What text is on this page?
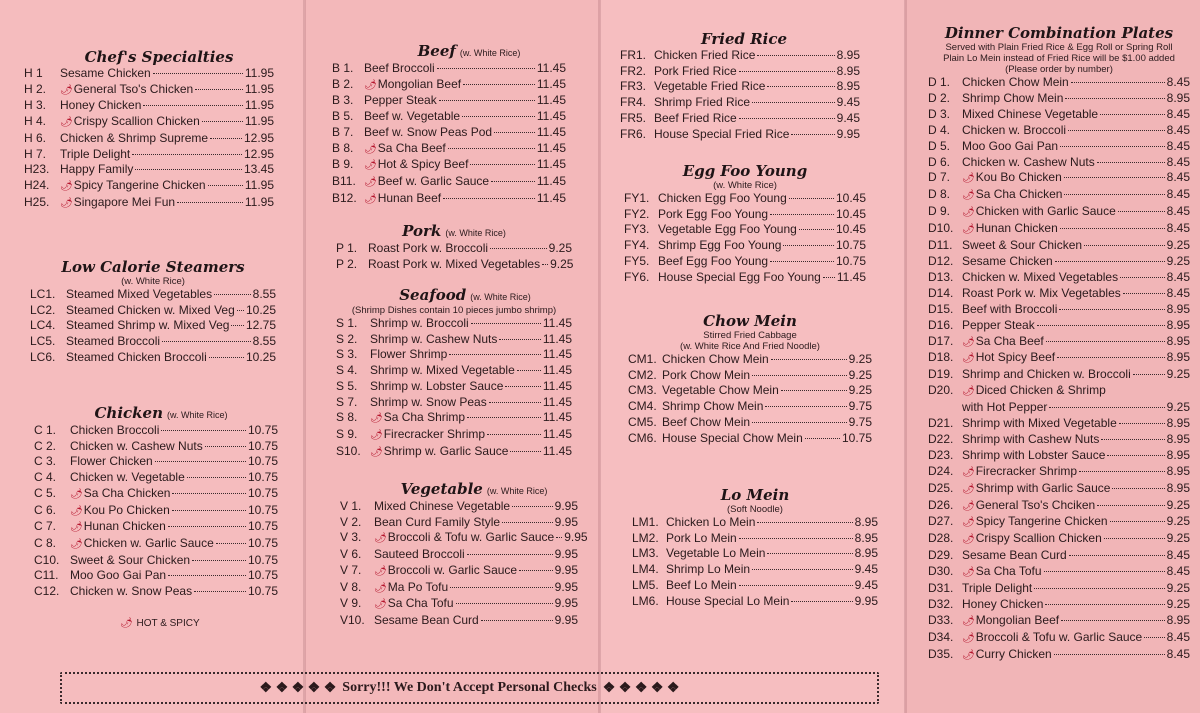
Chef's Specialties
H 1	Sesame Chicken	11.95
H 2.	🌶 General Tso's Chicken	11.95
H 3.	Honey Chicken	11.95
H 4.	🌶 Crispy Scallion Chicken	11.95
H 6.	Chicken & Shrimp Supreme	12.95
H 7.	Triple Delight	12.95
H23. Happy Family	13.45
H24.	🌶 Spicy Tangerine Chicken	11.95
H25.	🌶 Singapore Mei Fun	11.95
Low Calorie Steamers
(w. White Rice)
LC1. Steamed Mixed Vegetables	8.55
LC2. Steamed Chicken w. Mixed Veg 10.25
LC4. Steamed Shrimp w. Mixed Veg 12.75
LC5. Steamed Broccoli	8.55
LC6. Steamed Chicken Broccoli	10.25
Chicken (w. White Rice)
C 1.	Chicken Broccoli	10.75
C 2.	Chicken w. Cashew Nuts	10.75
C 3.	Flower Chicken	10.75
C 4.	Chicken w. Vegetable	10.75
C 5.	🌶 Sa Cha Chicken	10.75
C 6.	🌶 Kou Po Chicken	10.75
C 7.	🌶 Hunan Chicken	10.75
C 8.	🌶 Chicken w. Garlic Sauce	10.75
C10. Sweet & Sour Chicken	10.75
C11. Moo Goo Gai Pan	10.75
C12. Chicken w. Snow Peas	10.75
🌶 HOT & SPICY
Beef (w. White Rice)
B 1. Beef Broccoli	11.45
B 2.	🌶 Mongolian Beef	11.45
B 3. Pepper Steak	11.45
B 5. Beef w. Vegetable	11.45
B 7. Beef w. Snow Peas Pod	11.45
B 8.	🌶 Sa Cha Beef	11.45
B 9.	🌶 Hot & Spicy Beef	11.45
B11. 🌶 Beef w. Garlic Sauce	11.45
B12. 🌶 Hunan Beef	11.45
Pork (w. White Rice)
P 1. Roast Pork w. Broccoli	9.25
P 2. Roast Pork w. Mixed Vegetables 9.25
Seafood (w. White Rice)
(Shrimp Dishes contain 10 pieces jumbo shrimp)
S 1.	Shrimp w. Broccoli	11.45
S 2.	Shrimp w. Cashew Nuts	11.45
S 3.	Flower Shrimp	11.45
S 4.	Shrimp w. Mixed Vegetable 11.45
S 5.	Shrimp w. Lobster Sauce	11.45
S 7.	Shrimp w. Snow Peas	11.45
S 8.	🌶 Sa Cha Shrimp	11.45
S 9.	🌶 Firecracker Shrimp	11.45
S10. 🌶 Shrimp w. Garlic Sauce	11.45
Vegetable (w. White Rice)
V 1.	Mixed Chinese Vegetable	9.95
V 2.	Bean Curd Family Style	9.95
V 3.	🌶 Broccoli & Tofu w. Garlic Sauce 9.95
V 6.	Sauteed Broccoli	9.95
V 7.	🌶 Broccoli w. Garlic Sauce	9.95
V 8.	🌶 Ma Po Tofu	9.95
V 9.	🌶 Sa Cha Tofu	9.95
V10. Sesame Bean Curd	9.95
Fried Rice
FR1. Chicken Fried Rice	8.95
FR2. Pork Fried Rice	8.95
FR3. Vegetable Fried Rice	8.95
FR4. Shrimp Fried Rice	9.45
FR5. Beef Fried Rice	9.45
FR6. House Special Fried Rice	9.95
Egg Foo Young
(w. White Rice)
FY1. Chicken Egg Foo Young	10.45
FY2. Pork Egg Foo Young	10.45
FY3. Vegetable Egg Foo Young	10.45
FY4. Shrimp Egg Foo Young	10.75
FY5. Beef Egg Foo Young	10.75
FY6. House Special Egg Foo Young 11.45
Chow Mein
Stirred Fried Cabbage
(w. White Rice And Fried Noodle)
CM1. Chicken Chow Mein	9.25
CM2. Pork Chow Mein	9.25
CM3. Vegetable Chow Mein	9.25
CM4. Shrimp Chow Mein	9.75
CM5. Beef Chow Mein	9.75
CM6. House Special Chow Mein	10.75
Lo Mein
(Soft Noodle)
LM1. Chicken Lo Mein	8.95
LM2. Pork Lo Mein	8.95
LM3. Vegetable Lo Mein	8.95
LM4. Shrimp Lo Mein	9.45
LM5. Beef Lo Mein	9.45
LM6. House Special Lo Mein	9.95
Dinner Combination Plates
Served with Plain Fried Rice & Egg Roll or Spring Roll
Plain Lo Mein instead of Fried Rice will be $1.00 added
(Please order by number)
D 1. Chicken Chow Mein	8.45
D 2. Shrimp Chow Mein	8.95
D 3. Mixed Chinese Vegetable	8.45
D 4. Chicken w. Broccoli	8.45
D 5. Moo Goo Gai Pan	8.45
D 6. Chicken w. Cashew Nuts	8.45
D 7.	🌶 Kou Bo Chicken	8.45
D 8.	🌶 Sa Cha Chicken	8.45
D 9.	🌶 Chicken with Garlic Sauce	8.45
D10. 🌶 Hunan Chicken	8.45
D11. Sweet & Sour Chicken	9.25
D12. Sesame Chicken	9.25
D13. Chicken w. Mixed Vegetables	8.45
D14. Roast Pork w. Mix Vegetables	8.45
D15. Beef with Broccoli	8.95
D16. Pepper Steak	8.95
D17. 🌶 Sa Cha Beef	8.95
D18. 🌶 Hot Spicy Beef	8.95
D19. Shrimp and Chicken w. Broccoli	9.25
D20. 🌶 Diced Chicken & Shrimp
with Hot Pepper	9.25
D21. Shrimp with Mixed Vegetable	8.95
D22. Shrimp with Cashew Nuts	8.95
D23. Shrimp with Lobster Sauce	8.95
D24. 🌶 Firecracker Shrimp	8.95
D25. 🌶 Shrimp with Garlic Sauce	8.95
D26. 🌶 General Tso's Chciken	9.25
D27. 🌶 Spicy Tangerine Chicken	9.25
D28. 🌶 Crispy Scallion Chicken	9.25
D29. Sesame Bean Curd	8.45
D30. 🌶 Sa Cha Tofu	8.45
D31. Triple Delight	9.25
D32. Honey Chicken	9.25
D33. 🌶 Mongolian Beef	8.95
D34. 🌶 Broccoli & Tofu w. Garlic Sauce 8.45
D35. 🌶 Curry Chicken	8.45
❖ ❖ ❖ ❖ ❖ Sorry!!! We Don't Accept Personal Checks ❖ ❖ ❖ ❖ ❖
